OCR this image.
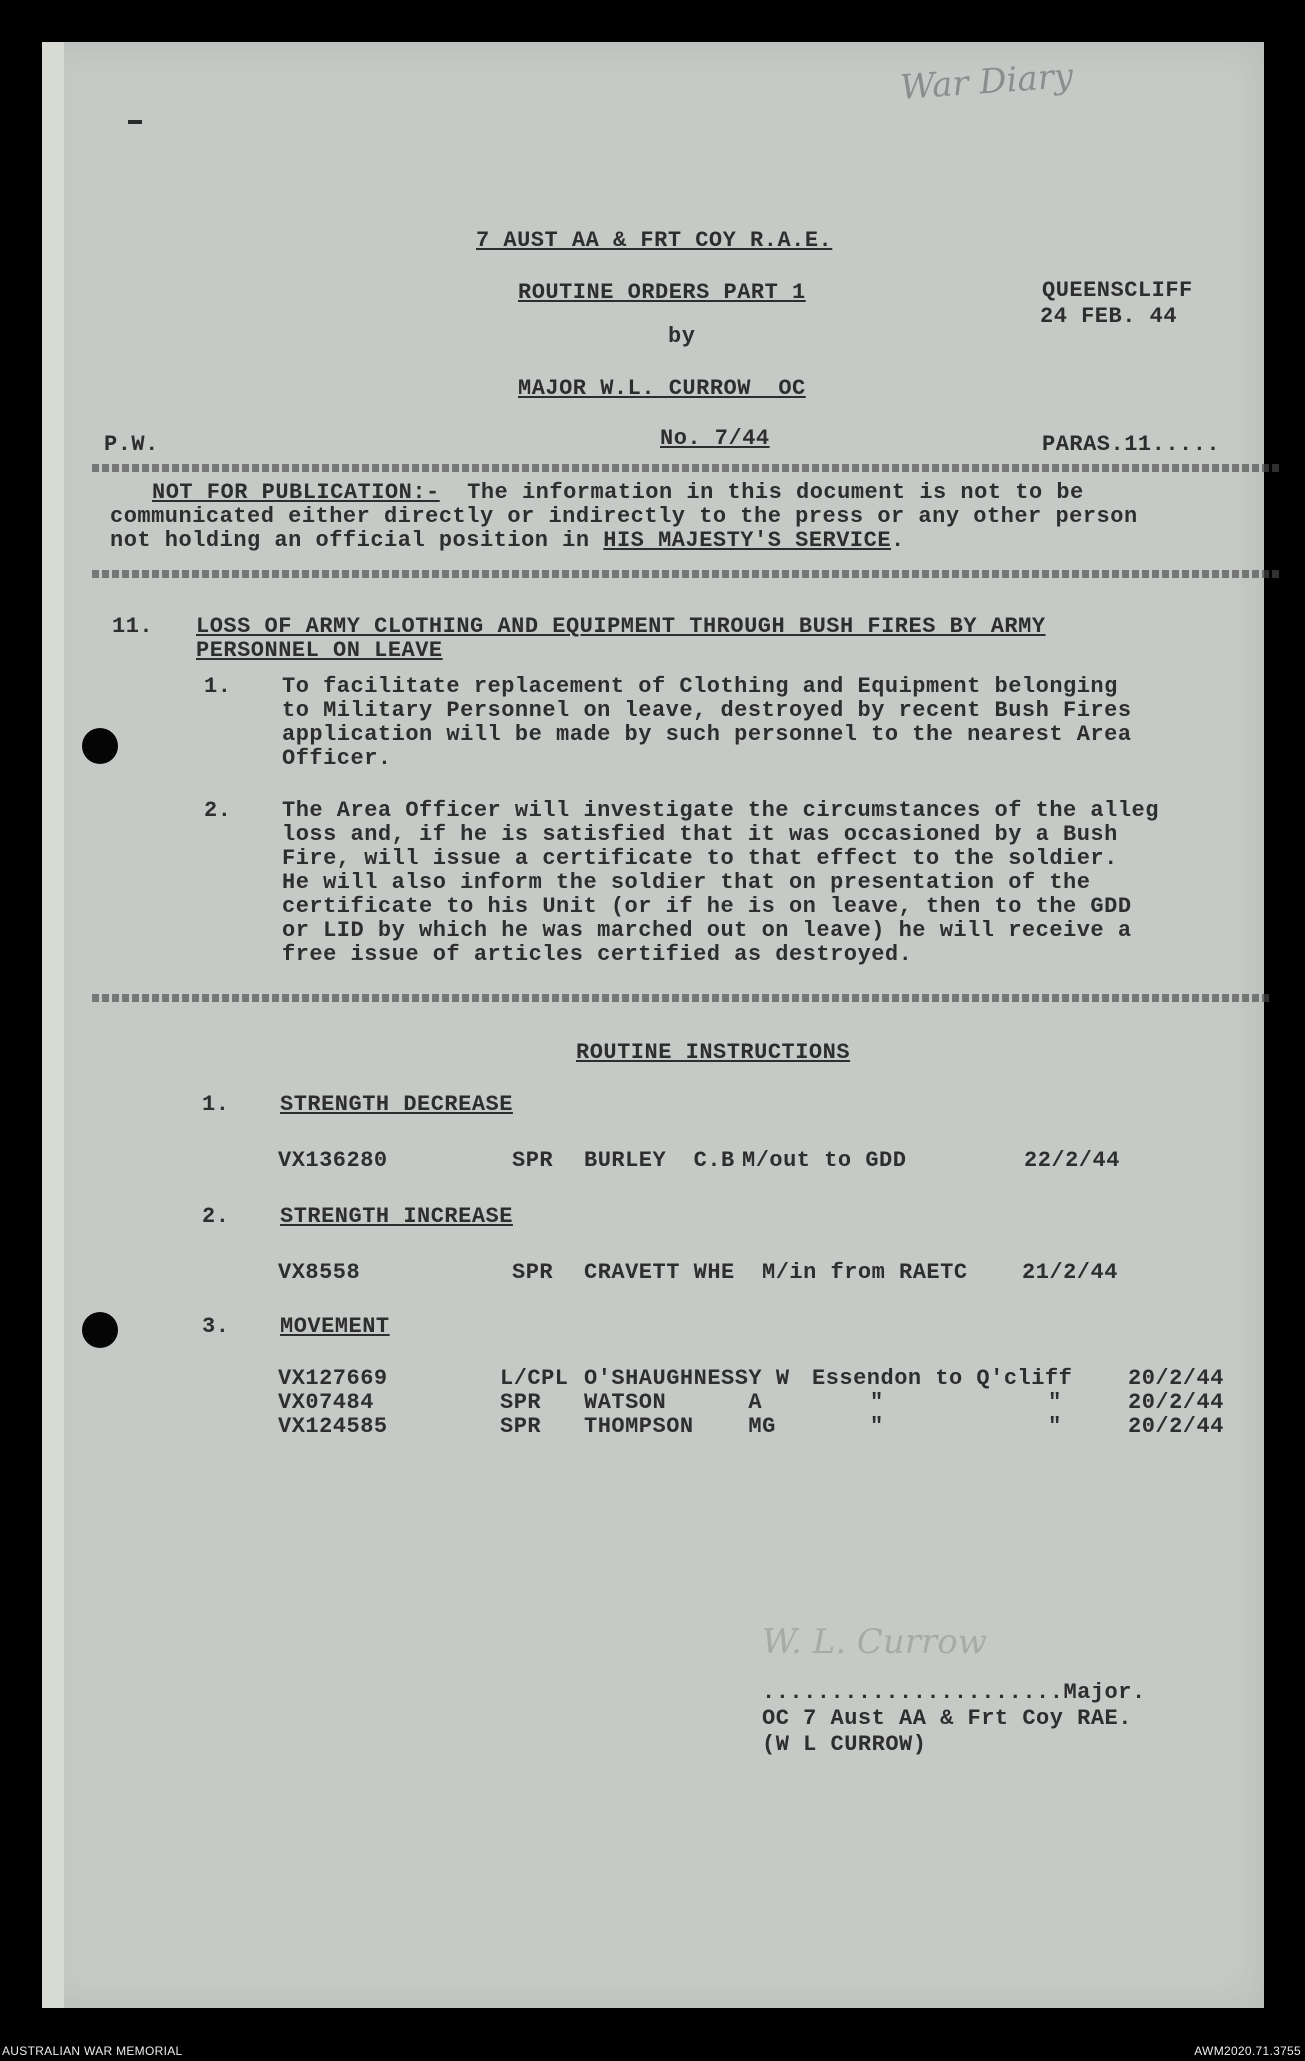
War Diary
7 AUST AA & FRT COY R.A.E.
ROUTINE ORDERS PART 1
by
MAJOR W.L. CURROW  OC
QUEENSCLIFF
24 FEB. 44
P.W.	No. 7/44	PARAS.11.....
NOT FOR PUBLICATION:-  The information in this document is not to be
communicated either directly or indirectly to the press or any other person
not holding an official position in HIS MAJESTY'S SERVICE.
11. LOSS OF ARMY CLOTHING AND EQUIPMENT THROUGH BUSH FIRES BY ARMY
PERSONNEL ON LEAVE
1. To facilitate replacement of Clothing and Equipment belonging
to Military Personnel on leave, destroyed by recent Bush Fires
application will be made by such personnel to the nearest Area
Officer.
2. The Area Officer will investigate the circumstances of the alleg
loss and, if he is satisfied that it was occasioned by a Bush
Fire, will issue a certificate to that effect to the soldier.
He will also inform the soldier that on presentation of the
certificate to his Unit (or if he is on leave, then to the GDD
or LID by which he was marched out on leave) he will receive a
free issue of articles certified as destroyed.
ROUTINE INSTRUCTIONS
1. STRENGTH DECREASE
VX136280	SPR BURLEY  C.B M/out to GDD	22/2/44
2. STRENGTH INCREASE
VX8558	SPR CRAVETT WHE M/in from RAETC 21/2/44
3. MOVEMENT
VX127669	L/CPL O'SHAUGHNESSY W Essendon to Q'cliff	20/2/44
VX07484	SPR WATSON      A	"            "	20/2/44
VX124585	SPR THOMPSON    MG	"            "	20/2/44
W. L. Currow
......................Major.
OC 7 Aust AA & Frt Coy RAE.
(W L CURROW)
AUSTRALIAN WAR MEMORIAL	AWM2020.71.3755
